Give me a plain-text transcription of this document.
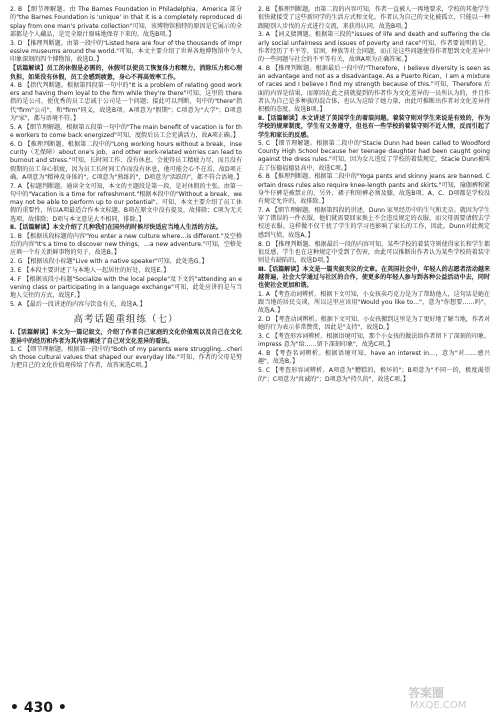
2. B 【细节理解题。由 The Barnes Foundation in Philadelphia，America 部分的"the Barnes Foundation is 'unique' in that it is a completely reproduced display from one man's private collection"可知，该博物馆独特的原因是它展示的全部都是个人藏品，是完全原汁原味地保存下来的，故选B项。】

3. D 【推理判断题。由第一段中的"Listed here are four of the thousands of impressive museums around the world."可知，本文主要介绍了世界各地博物馆中令人印象深刻的四个博物馆，故选D。】

【话篇解读】员工的休假是必需的，休假可以使员工恢复体力和精力，消除压力和心理负担，如果没有休假，员工会感到疲惫，身心不再高效率工作。

4. B 【指代判断题。根据第四段第一句中的"It is a problem of relating good workers and having them loyal to the firm while they're there"可知，这里的 there 指的是公司，使优秀的员工忠诚于公司是一个问题；接此可以判断，句中的"there"指代"firm"公司"，和"firm"同义，故选B项。A项意为"假期"；C项意为"大学"；D项意为"家"，都与语境不符。】

5. A 【细节理解题。根据第五段第一句中的"The main benefit of vacation is for the workers to come back energized"可知，度假后员工会充满活力，故A项正确。】

6. D 【推理判断题。根据第二段中的"Long working hours without a break，insecurity（无保障）about one's job，and other work-related worries can lead to burnout and stress."可知，长时间工作、没有休息、会使得员工精疲力尽，而且没有假期的员工身心俱疲，因为员工长时间工作而没有休息，他可能会心不在焉，故D项正确。A项意为"精神及身体的"，C项意为"熟练的"，D项意为"活跃的"，都不符合语境。】

7. A 【标题判断题。通读全文可知，本文的主题段是第一段，是对休假的主张。由第一句中的"Vacation is a time for refreshment."根据本段中的"Without a break，we may not be able to perform up to our potential"。可知，本文主要介绍了员工休假的重要性，所以A项最适合作本文标题。B项在原文中没有提及，故排除；C项为无关选项，故排除；D项与本文意见大不相同，排除。】

Ⅱ.【话篇解读】本文介绍了几种我们在国外的时候尽快适应当地人生活的方法。

1. B 【根据该段标题的内容"You enter a new culture where…is different."及空格后的内容"It's a time to discover new things，…a new adventure."可知，空格处应填一个有关新鲜事物的句子，故选B。】

2. G 【根据该段小标题"Live with a native speaker"可知，此处选G。】

3. E 【本段主要讲述了与本地人一起居住的好处，故选E。】

4. F 【根据该段小标题"Socialize with the local people"及下文的"attending an evening class or participating in a language exchange"可知，此处应讲的是与当地人交往的方式，故选F。】

5. A 【最后一段讲述的内容与饮食有关，故选A。】

高考话题重组练（七）

Ⅰ.【话篇解读】本文为一篇记叙文，介绍了作者自己家庭的文化价值观以及自己在文化差异中的经历和作者为其内容阐述了自己对文化差异的看法。

1. C 【细节理解题。根据第一段中的"Both of my parents were struggling…cherish those cultural values that shaped our everyday life."可知，作者的父母是努力把自己的文化价值观传给了作者，故答案选C项。】

2. B 【推理判断题。由第二段的内容可知，作者一直被人一再地要求，学校的其他学生很快就接受了这些新同学的生活方式和文化。作者认为自己的文化被孤立，只能以一种跟随别人步伐的方式进行交流，来获得认同，故选B项。】

3. A 【词义猜测题。根据第三段的"issues of life and death and suffering the clearly social unfairness and issues of poverty and race"可知，作者要说明的是，作者经历了不平等，贫困，种族等社会问题，而正是这些问题使得作者想到文化差异中的一些问题与社会的不平等有关，故填A项为正确答案。】

4. B 【推理判断题。根据最后一段中的"Therefore，I believe diversity is seen as an advantage and not as a disadvantage. As a Puerto Rican，I am a mixture of races and I believe I find my strength because of this."可知，Therefore 后面的内容是结果，而原因在此之前就提到的作者作为文化差异的一员所认为的，并且作者认为自己是多种族的混合体，也认为这给了她力量，由此可推断出作者对文化差异持积极的态度，故选B项。】

Ⅱ.【话篇解读】本文讲述了美国学生的着装问题。着装守则对学生来说是有效的，作为学校的规章制度，学生有义务遵守，但也有一些学校的着装守则不近人情，反而引起了学生和家长的反感。

5. C 【细节理解题。根据第二段中的"Stacie Dunn had been called to Woodford County High School because her teenage daughter had been caught going against the dress rules."可知，因为女儿违反了学校的着装规定，Stacie Dunn被叫去了伍德福德县高中，故选C项。】

6. B 【推理判断题。根据第二段中的"Yoga pants and skinny jeans are banned. Certain dress rules also require knee-length pants and skirts."可知，瑜伽裤和紧身牛仔裤是被禁止的，另外，裙子和短裤必须及膝，故选B项。A、C、D项都是学校没有规定允许的，故排除。】

7. A 【细节理解题。根据第四段的讲述，Dunn 家里经历中的生气和无奈。就因为学生穿了错误的一件衣服，他们就需要回家换上不会违反规定的衣服，而父母需要请假去学校送衣服。这样做不仅干扰了学生的学习也影响了家长的工作，因此，Dunn对此规定感到气愤，故选A。】

8. D 【推理判断题。根据最后一段的内容可知，某些学校的着装守则使得家长和学生都很反感，学生也在这种规定中受到了伤害，由此可以推断出作者认为某些学校的着装守则是有缺陷的，故选D项。】

Ⅲ.【话篇解读】本文是一篇夹叙夹议的文章。在英国社会中，年轻人的志愿者活动越来越普遍，社会大学通过与社区的合作，使更多的年轻人参与到各种公益活动中去，同时也使社会更加和谐。

1. A 【考查动词辨析。根据下文可知，小女孩卖巧克力是为了帮助他人，这句话是她在跟当地的居民交谈，所以这里应该用"Would you like to…"，意为"你想要……吗"，故选A。】

2. D 【考查动词辨析。根据下文可知，小女孩搬到这里是为了更好地了解当地，作者对她的行为表示非常赞赏，因此是"支持"，故选D。】

3. C 【考查形容词辨析。根据语境可知，那个小女孩的做法给作者留下了深刻的印象。impress 意为"给……留下深刻印象"，故选C项。】

4. B 【考查名词辨析。根据语境可知，have an interest in…，意为"对……感兴趣"，故选B。】

5. C 【考查形容词辨析。A项意为"糟糕的，极坏的"；B项意为"不同一的，极度渴望的"；C项意为"真诚的"；D项意为"持久的"，故选C项。】

• 430 •
答案圈
MXQE.COM
